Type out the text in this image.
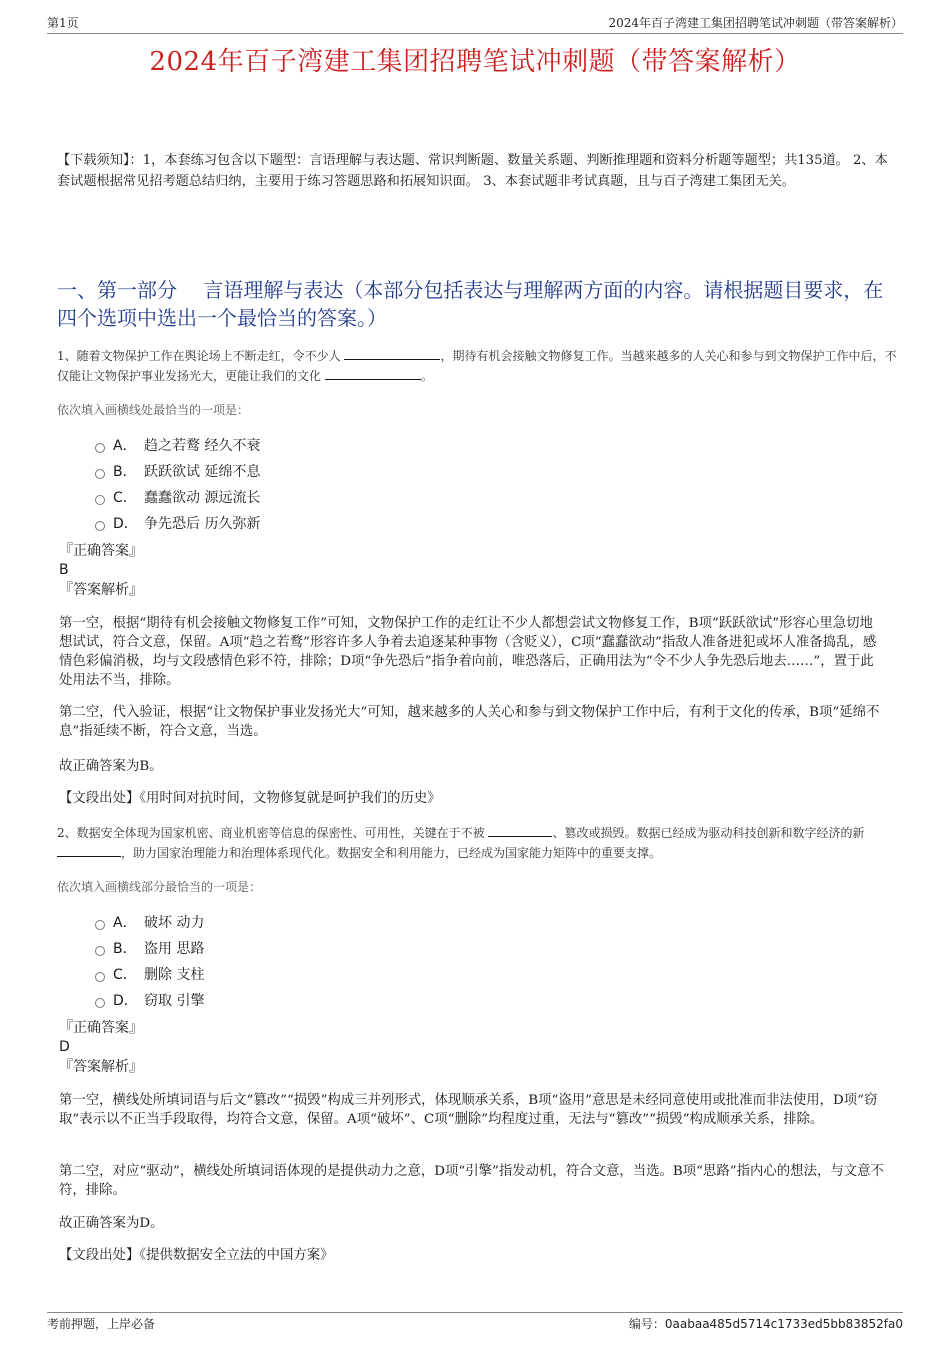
第1页	2024年百子湾建工集团招聘笔试冲刺题（带答案解析）
2024年百子湾建工集团招聘笔试冲刺题（带答案解析）
【下载须知】：1，本套练习包含以下题型：言语理解与表达题、常识判断题、数量关系题、判断推理题和资料分析题等题型；共135道。 2、本套试题根据常见招考题总结归纳，主要用于练习答题思路和拓展知识面。 3、本套试题非考试真题，且与百子湾建工集团无关。
一、第一部分　 言语理解与表达（本部分包括表达与理解两方面的内容。请根据题目要求，在四个选项中选出一个最恰当的答案。）
1、随着文物保护工作在舆论场上不断走红，令不少人	，期待有机会接触文物修复工作。当越来越多的人关心和参与到文物保护工作中后，不仅能让文物保护事业发扬光大，更能让我们的文化	。
依次填入画横线处最恰当的一项是：
A． 趋之若鹜 经久不衰
B． 跃跃欲试 延绵不息
C． 蠢蠢欲动 源远流长
D． 争先恐后 历久弥新
『正确答案』
B
『答案解析』
第一空，根据“期待有机会接触文物修复工作”可知，文物保护工作的走红让不少人都想尝试文物修复工作，B项“跃跃欲试”形容心里急切地想试试，符合文意，保留。A项“趋之若鹜”形容许多人争着去追逐某种事物（含贬义），C项“蠢蠢欲动”指敌人准备进犯或坏人准备捣乱，感情色彩偏消极，均与文段感情色彩不符，排除；D项“争先恐后”指争着向前，唯恐落后，正确用法为“令不少人争先恐后地去……”，置于此处用法不当，排除。
第二空，代入验证，根据“让文物保护事业发扬光大”可知，越来越多的人关心和参与到文物保护工作中后，有利于文化的传承，B项“延绵不息”指延续不断，符合文意，当选。
故正确答案为B。
【文段出处】《用时间对抗时间，文物修复就是呵护我们的历史》
2、数据安全体现为国家机密、商业机密等信息的保密性、可用性，关键在于不被	、篡改或损毁。数据已经成为驱动科技创新和数字经济的新 ，助力国家治理能力和治理体系现代化。数据安全和利用能力，已经成为国家能力矩阵中的重要支撑。
依次填入画横线部分最恰当的一项是：
A． 破坏 动力
B． 盗用 思路
C． 删除 支柱
D． 窃取 引擎
『正确答案』
D
『答案解析』
第一空，横线处所填词语与后文“篡改”“损毁”构成三并列形式，体现顺承关系，B项“盗用”意思是未经同意使用或批准而非法使用，D项“窃取”表示以不正当手段取得，均符合文意，保留。A项“破坏”、C项“删除”均程度过重，无法与“篡改”“损毁”构成顺承关系，排除。
第二空，对应“驱动”，横线处所填词语体现的是提供动力之意，D项“引擎”指发动机，符合文意，当选。B项“思路”指内心的想法，与文意不符，排除。
故正确答案为D。
【文段出处】《提供数据安全立法的中国方案》
考前押题，上岸必备	编号：0aabaa485d5714c1733ed5bb83852fa0
